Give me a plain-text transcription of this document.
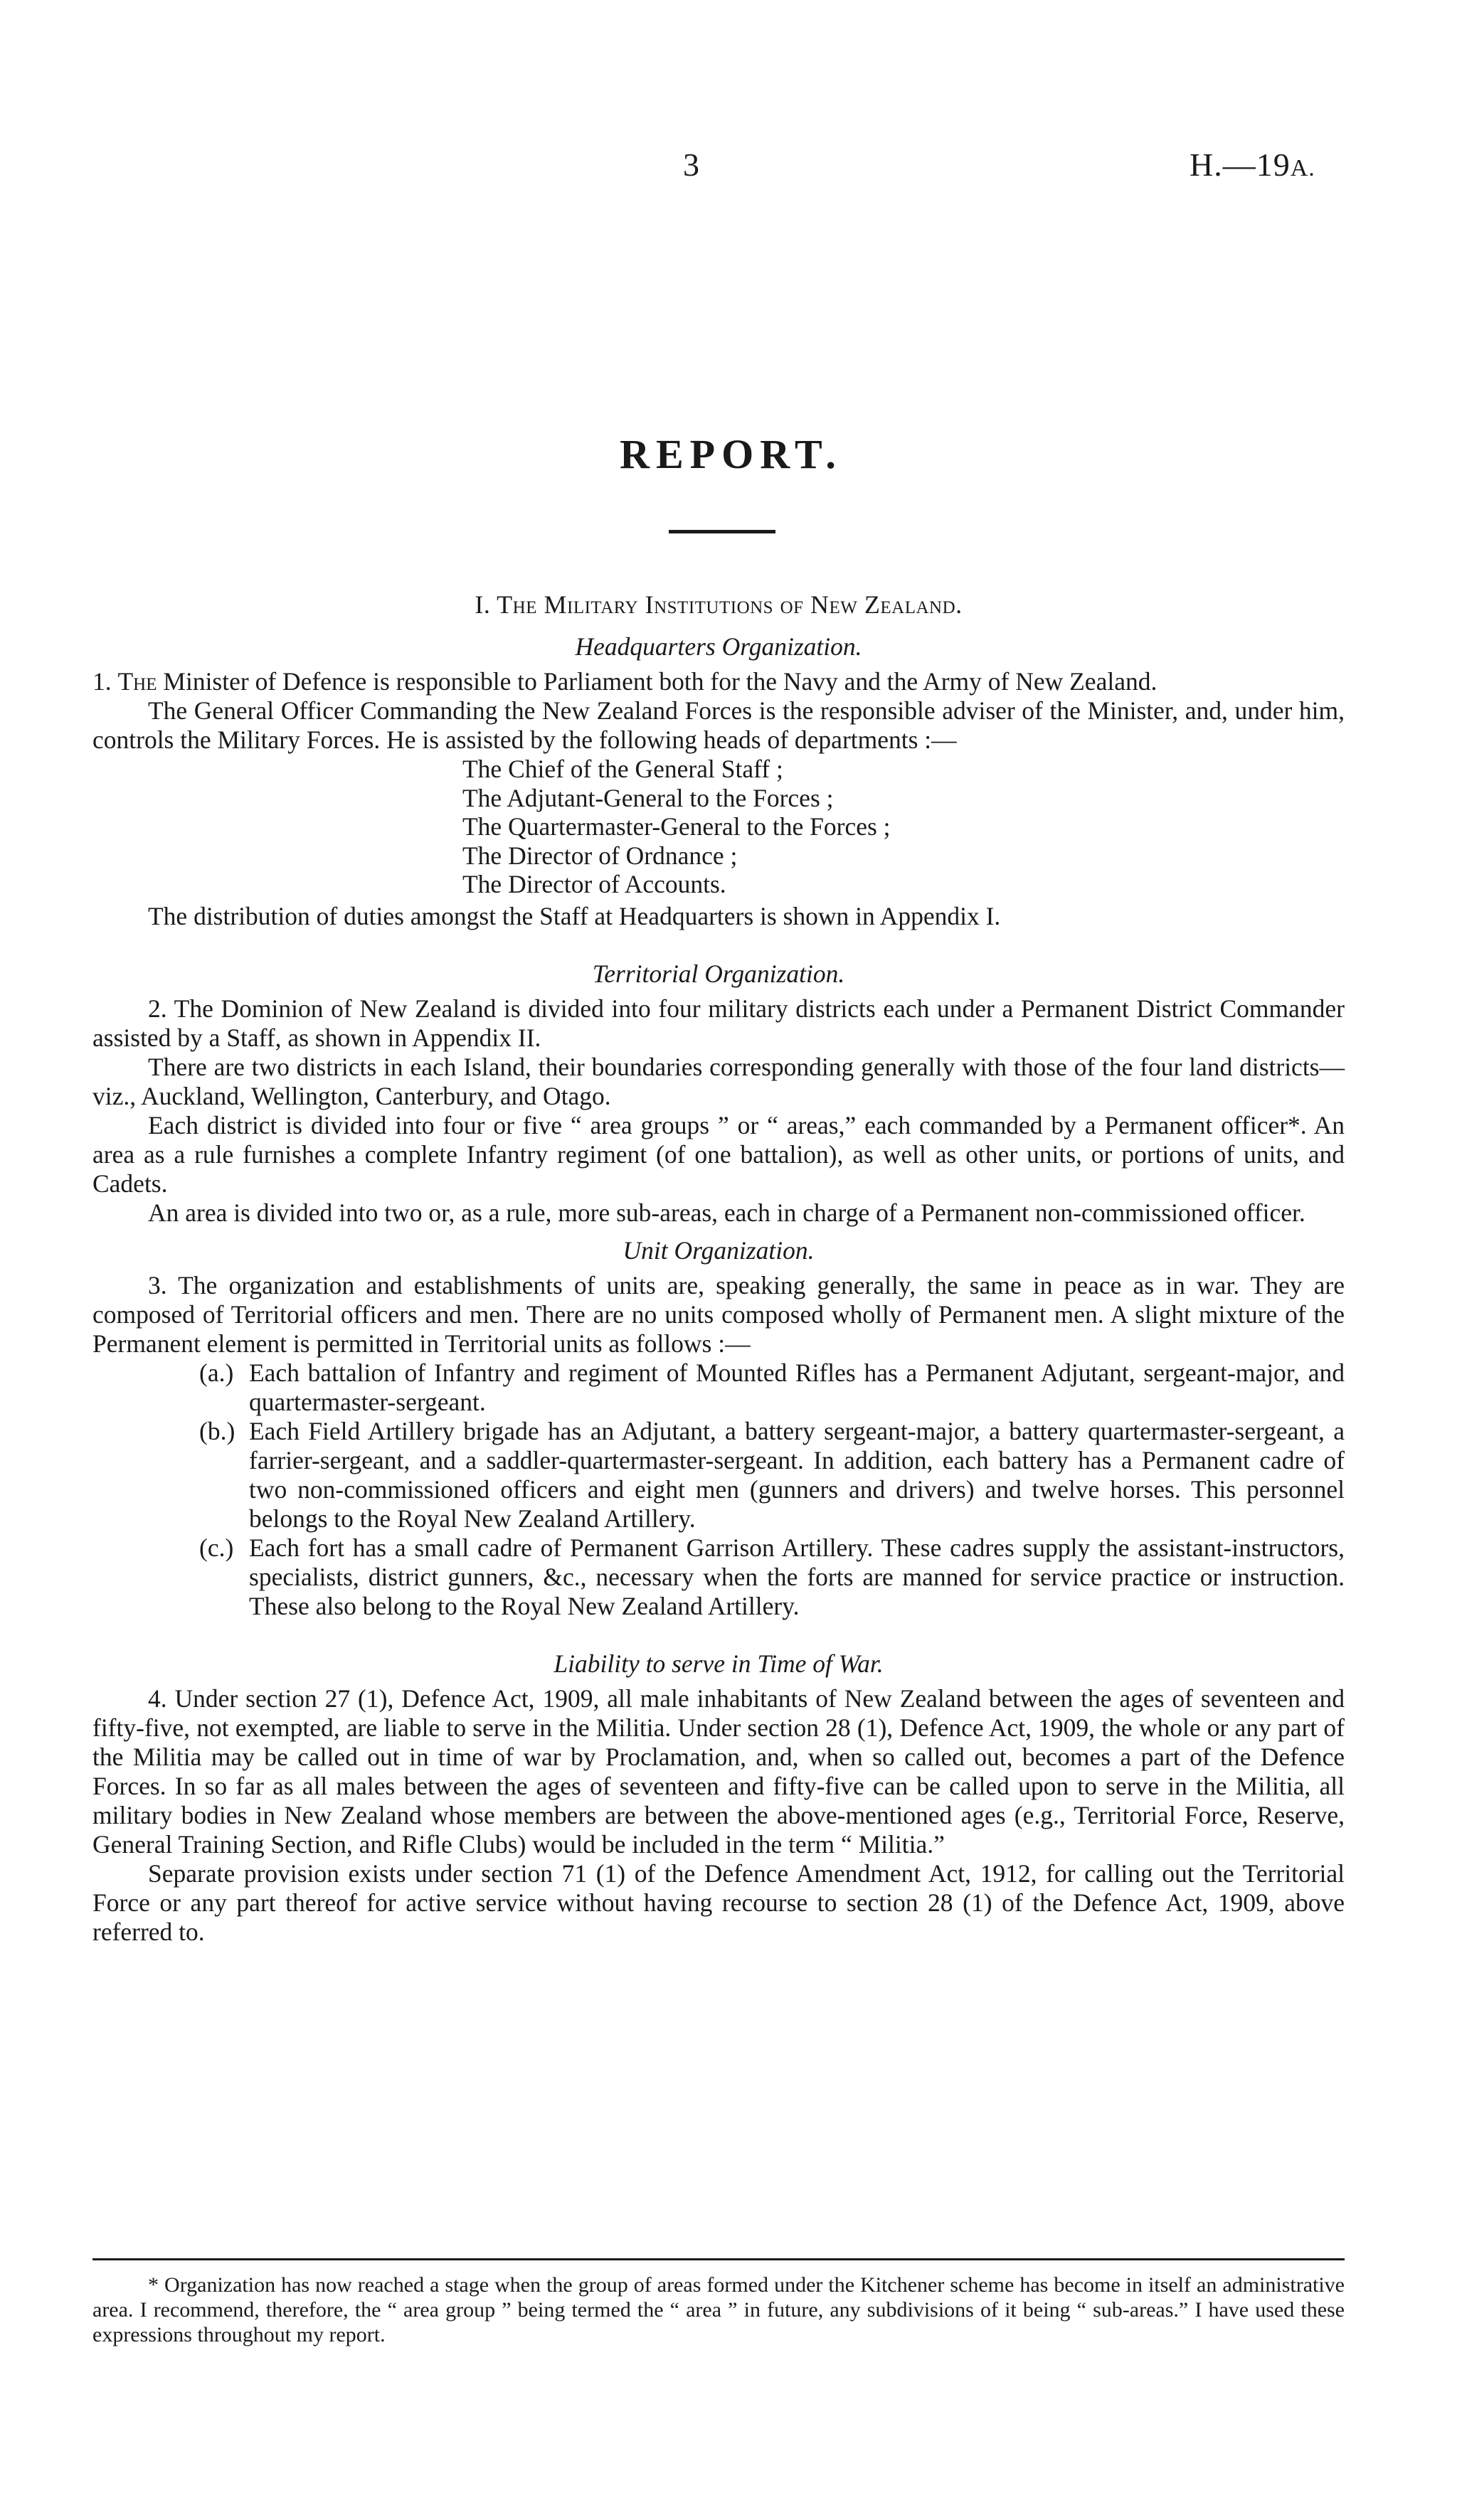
3	H.—19A.
REPORT.
I. The Military Institutions of New Zealand.
Headquarters Organization.

1. The Minister of Defence is responsible to Parliament both for the Navy and the Army of New Zealand.

The General Officer Commanding the New Zealand Forces is the responsible adviser of the Minister, and, under him, controls the Military Forces. He is assisted by the following heads of departments :—

The Chief of the General Staff ;
The Adjutant-General to the Forces ;
The Quartermaster-General to the Forces ;
The Director of Ordnance ;
The Director of Accounts.

The distribution of duties amongst the Staff at Headquarters is shown in Appendix I.

Territorial Organization.

2. The Dominion of New Zealand is divided into four military districts each under a Permanent District Commander assisted by a Staff, as shown in Appendix II.

There are two districts in each Island, their boundaries corresponding generally with those of the four land districts—viz., Auckland, Wellington, Canterbury, and Otago.

Each district is divided into four or five “ area groups ” or “ areas,” each commanded by a Permanent officer*. An area as a rule furnishes a complete Infantry regiment (of one battalion), as well as other units, or portions of units, and Cadets.

An area is divided into two or, as a rule, more sub-areas, each in charge of a Permanent non-commissioned officer.

Unit Organization.

3. The organization and establishments of units are, speaking generally, the same in peace as in war. They are composed of Territorial officers and men. There are no units composed wholly of Permanent men. A slight mixture of the Permanent element is permitted in Territorial units as follows :—

(a.) Each battalion of Infantry and regiment of Mounted Rifles has a Permanent Adjutant, sergeant-major, and quartermaster-sergeant.
(b.) Each Field Artillery brigade has an Adjutant, a battery sergeant-major, a battery quartermaster-sergeant, a farrier-sergeant, and a saddler-quartermaster-sergeant. In addition, each battery has a Permanent cadre of two non-commissioned officers and eight men (gunners and drivers) and twelve horses. This personnel belongs to the Royal New Zealand Artillery.
(c.) Each fort has a small cadre of Permanent Garrison Artillery. These cadres supply the assistant-instructors, specialists, district gunners, &c., necessary when the forts are manned for service practice or instruction. These also belong to the Royal New Zealand Artillery.
Liability to serve in Time of War.

4. Under section 27 (1), Defence Act, 1909, all male inhabitants of New Zealand between the ages of seventeen and fifty-five, not exempted, are liable to serve in the Militia. Under section 28 (1), Defence Act, 1909, the whole or any part of the Militia may be called out in time of war by Proclamation, and, when so called out, becomes a part of the Defence Forces. In so far as all males between the ages of seventeen and fifty-five can be called upon to serve in the Militia, all military bodies in New Zealand whose members are between the above-mentioned ages (e.g., Territorial Force, Reserve, General Training Section, and Rifle Clubs) would be included in the term “ Militia.”

Separate provision exists under section 71 (1) of the Defence Amendment Act, 1912, for calling out the Territorial Force or any part thereof for active service without having recourse to section 28 (1) of the Defence Act, 1909, above referred to.

* Organization has now reached a stage when the group of areas formed under the Kitchener scheme has become in itself an administrative area. I recommend, therefore, the “ area group ” being termed the “ area ” in future, any subdivisions of it being “ sub-areas.” I have used these expressions throughout my report.
